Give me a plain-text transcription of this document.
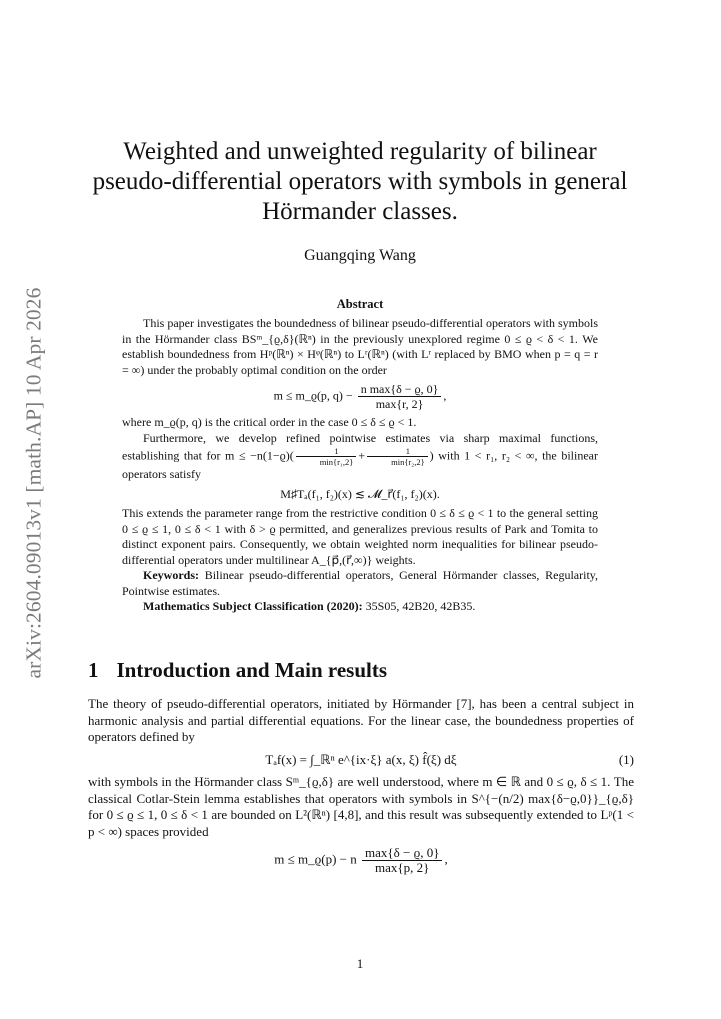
arXiv:2604.09013v1 [math.AP] 10 Apr 2026
Weighted and unweighted regularity of bilinear pseudo-differential operators with symbols in general Hörmander classes.
Guangqing Wang
Abstract

This paper investigates the boundedness of bilinear pseudo-differential operators with symbols in the Hörmander class BSᵐ_{ϱ,δ}(ℝⁿ) in the previously unexplored regime 0 ≤ ϱ < δ < 1. We establish boundedness from Hᵖ(ℝⁿ) × Hᵠ(ℝⁿ) to Lʳ(ℝⁿ) (with Lʳ replaced by BMO when p = q = r = ∞) under the probably optimal condition on the order

m ≤ m_ϱ(p, $q) - \frac{\text{n max\{δ − ϱ, 0\}}}{\max\{r, 2\}}$ ,

where m_ϱ(p, q) is the critical order in the case 0 ≤ δ ≤ ϱ < 1.

Furthermore, we develop refined pointwise estimates via sharp maximal functions, establishing that for $m \le -n(1-ϱ)( \frac{1}{\text{min\{r₁,2\}}} + \frac{1}{\text{min\{r₂,2\}}}$ ) with 1 < r₁, r₂ < ∞, the bilinear operators satisfy

M♯Tₐ(f₁, f₂)(x) ≲ 𝓜_r⃗(f₁, f₂)(x).

This extends the parameter range from the restrictive condition 0 ≤ δ ≤ ϱ < 1 to the general setting 0 ≤ ϱ ≤ 1, 0 ≤ δ < 1 with δ > ϱ permitted, and generalizes previous results of Park and Tomita to distinct exponent pairs. Consequently, we obtain weighted norm inequalities for bilinear pseudo-differential operators under multilinear A_{p⃗,(r⃗,∞)} weights.

Keywords: Bilinear pseudo-differential operators, General Hörmander classes, Regularity, Pointwise estimates.

Mathematics Subject Classification (2020): 35S05, 42B20, 42B35.

1 Introduction and Main results

The theory of pseudo-differential operators, initiated by Hörmander [7], has been a central subject in harmonic analysis and partial differential equations. For the linear case, the boundedness properties of operators defined by

Tₐf(x) = ∫_ℝⁿ e^{ix·ξ} a(x, ξ) f̂(ξ) dξ	(1)

with symbols in the Hörmander class Sᵐ_{ϱ,δ} are well understood, where m ∈ ℝ and 0 ≤ ϱ, δ ≤ 1. The classical Cotlar-Stein lemma establishes that operators with symbols in S^{−(n/2) max{δ−ϱ,0}}_{ϱ,δ} for 0 ≤ ϱ ≤ 1, 0 ≤ δ < 1 are bounded on L²(ℝⁿ) [4,8], and this result was subsequently extended to Lᵖ(1 < p < ∞) spaces provided

m ≤ m_ϱ(p) − n $\frac{\max\{\delta - ϱ, 0\}}{\max\{p, 2\}}$ ,
1
